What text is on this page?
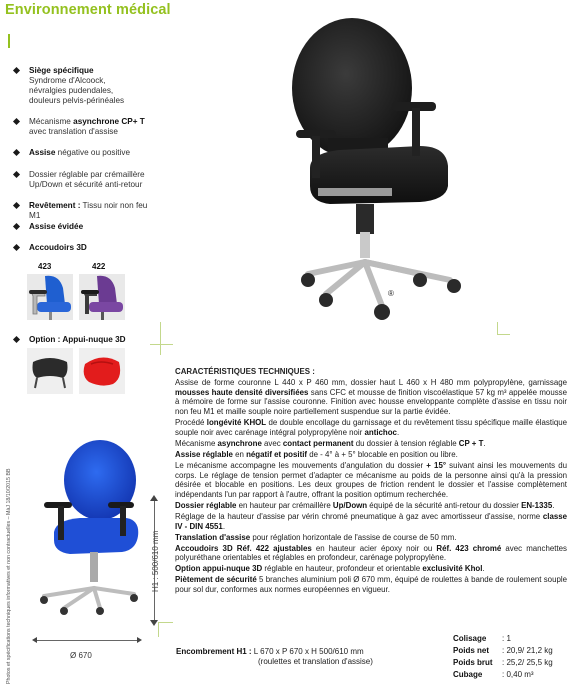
Environnement médical
Siège spécifique
Syndrome d'Alcoock,
névralgies pudendales,
douleurs pelvis-périnéales
Mécanisme asynchrone CP+ T
avec translation d'assise
Assise négative ou positive
Dossier réglable par crémaillère
Up/Down et sécurité anti-retour
Revêtement : Tissu noir non feu M1
Assise évidée
Accoudoirs 3D
423	422
Option : Appui-nuque 3D
®
H1 : 500/610 mm
Ø 670
Photos et spécifications techniques informatives et non contractuelles – MàJ 18/10/2015 BB

CARACTÉRISTIQUES TECHNIQUES :

Assise de forme couronne L 440 x P 460 mm, dossier haut L 460 x H 480 mm polypropylène, garnissage mousses haute densité diversifiées sans CFC et mousse de finition viscoélastique 57 kg m³ appelée mousse à mémoire de forme sur l'assise couronne. Finition avec housse enveloppante complète d'assise en tissu noir non feu M1 et maille souple noire partiellement suspendue sur la partie évidée.

Procédé longévité KHOL de double encollage du garnissage et du revêtement tissu spécifique maille élastique souple noir avec carénage intégral polypropylène noir antichoc.

Mécanisme asynchrone avec contact permanent du dossier à tension réglable CP + T.

Assise réglable en négatif et positif de - 4° à + 5° blocable en position ou libre.

Le mécanisme accompagne les mouvements d'angulation du dossier + 15° suivant ainsi les mouvements du corps. Le réglage de tension permet d'adapter ce mécanisme au poids de la personne ainsi qu'à la pression désirée et blocable en positions. Les deux groupes de friction rendent le dossier et l'assise complètement indépendants l'un par rapport à l'autre, offrant la position optimum recherchée.

Dossier réglable en hauteur par crémaillère Up/Down équipé de la sécurité anti-retour du dossier EN-1335.

Réglage de la hauteur d'assise par vérin chromé pneumatique à gaz avec amortisseur d'assise, norme classe IV - DIN 4551.

Translation d'assise pour réglation horizontale de l'assise de course de 50 mm.

Accoudoirs 3D Réf. 422 ajustables en hauteur acier époxy noir ou Réf. 423 chromé avec manchettes polyuréthane orientables et réglables en profondeur, carénage polypropylène.

Option appui-nuque 3D réglable en hauteur, profondeur et orientable exclusivité Khol.

Piètement de sécurité 5 branches aluminium poli Ø 670 mm, équipé de roulettes à bande de roulement souple pour sol dur, conformes aux normes européennes en vigueur.

Encombrement H1 : L 670 x P 670 x H 500/610 mm
(roulettes et translation d'assise)
Colisage : 1
Poids net : 20,9/ 21,2 kg
Poids brut : 25,2/ 25,5 kg
Cubage : 0,40 m³
